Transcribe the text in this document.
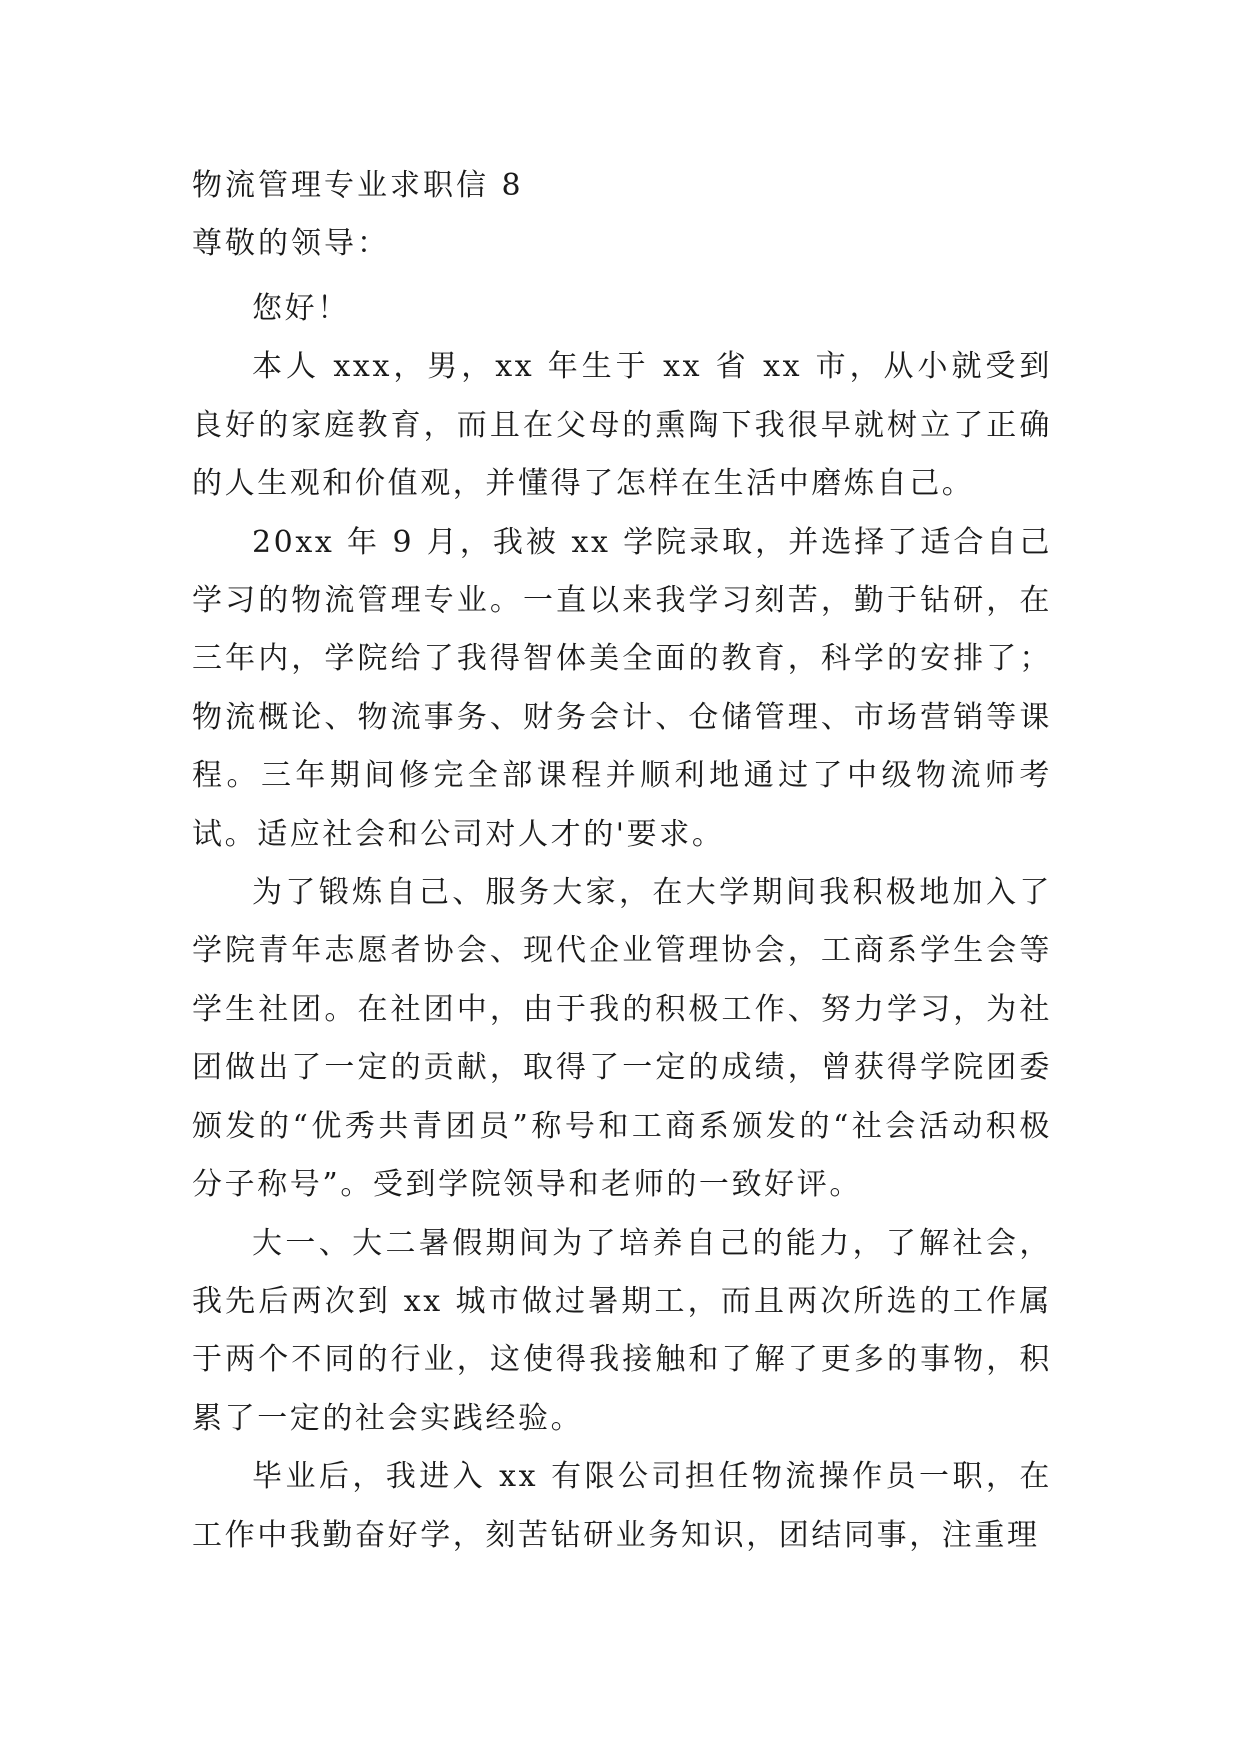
物流管理专业求职信 8
尊敬的领导：

您好！

本人 xxx，男，xx 年生于 xx 省 xx 市，从小就受到良好的家庭教育，而且在父母的熏陶下我很早就树立了正确的人生观和价值观，并懂得了怎样在生活中磨炼自己。

20xx 年 9 月，我被 xx 学院录取，并选择了适合自己学习的物流管理专业。一直以来我学习刻苦，勤于钻研，在三年内，学院给了我得智体美全面的教育，科学的安排了；物流概论、物流事务、财务会计、仓储管理、市场营销等课程。三年期间修完全部课程并顺利地通过了中级物流师考试。适应社会和公司对人才的'要求。

为了锻炼自己、服务大家，在大学期间我积极地加入了学院青年志愿者协会、现代企业管理协会，工商系学生会等学生社团。在社团中，由于我的积极工作、努力学习，为社团做出了一定的贡献，取得了一定的成绩，曾获得学院团委颁发的“优秀共青团员”称号和工商系颁发的“社会活动积极分子称号”。受到学院领导和老师的一致好评。

大一、大二暑假期间为了培养自己的能力，了解社会，我先后两次到 xx 城市做过暑期工，而且两次所选的工作属于两个不同的行业，这使得我接触和了解了更多的事物，积累了一定的社会实践经验。

毕业后，我进入 xx 有限公司担任物流操作员一职，在工作中我勤奋好学，刻苦钻研业务知识，团结同事，注重理
